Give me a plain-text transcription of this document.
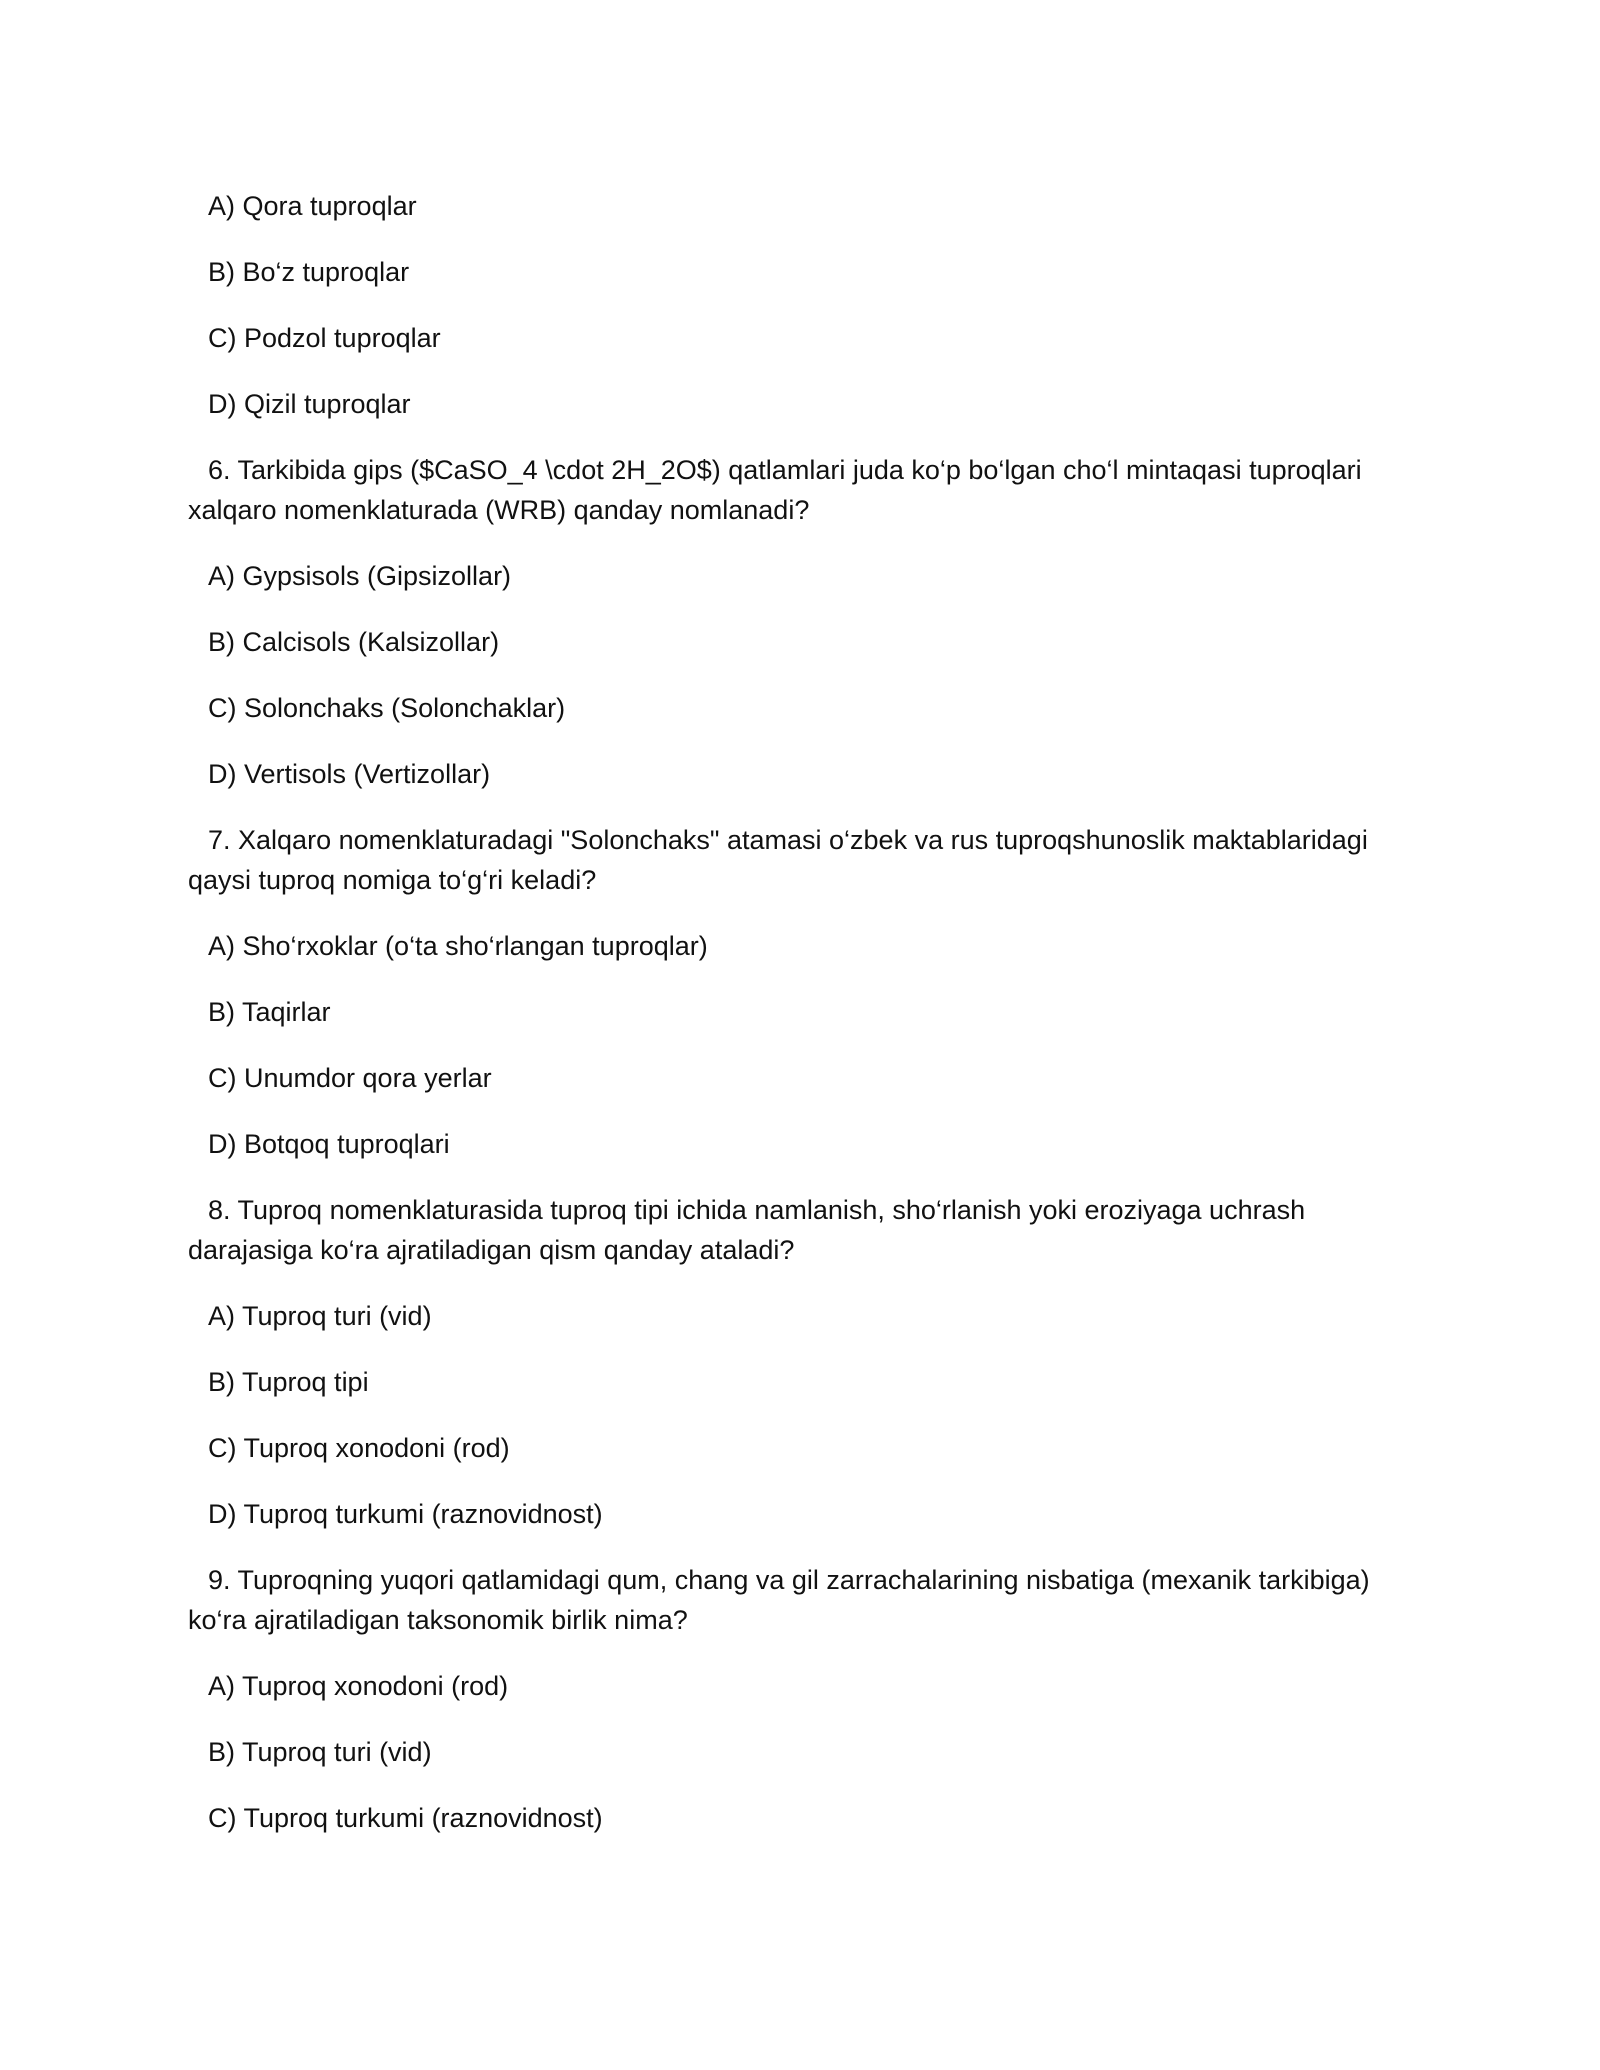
A) Qora tuproqlar
B) Bo‘z tuproqlar
C) Podzol tuproqlar
D) Qizil tuproqlar
6. Tarkibida gips ($CaSO_4 \cdot 2H_2O$) qatlamlari juda ko‘p bo‘lgan cho‘l mintaqasi tuproqlari xalqaro nomenklaturada (WRB) qanday nomlanadi?
A) Gypsisols (Gipsizollar)
B) Calcisols (Kalsizollar)
C) Solonchaks (Solonchaklar)
D) Vertisols (Vertizollar)
7. Xalqaro nomenklaturadagi "Solonchaks" atamasi o‘zbek va rus tuproqshunoslik maktablaridagi qaysi tuproq nomiga to‘g‘ri keladi?
A) Sho‘rxoklar (o‘ta sho‘rlangan tuproqlar)
B) Taqirlar
C) Unumdor qora yerlar
D) Botqoq tuproqlari
8. Tuproq nomenklaturasida tuproq tipi ichida namlanish, sho‘rlanish yoki eroziyaga uchrash darajasiga ko‘ra ajratiladigan qism qanday ataladi?
A) Tuproq turi (vid)
B) Tuproq tipi
C) Tuproq xonodoni (rod)
D) Tuproq turkumi (raznovidnost)
9. Tuproqning yuqori qatlamidagi qum, chang va gil zarrachalarining nisbatiga (mexanik tarkibiga) ko‘ra ajratiladigan taksonomik birlik nima?
A) Tuproq xonodoni (rod)
B) Tuproq turi (vid)
C) Tuproq turkumi (raznovidnost)
